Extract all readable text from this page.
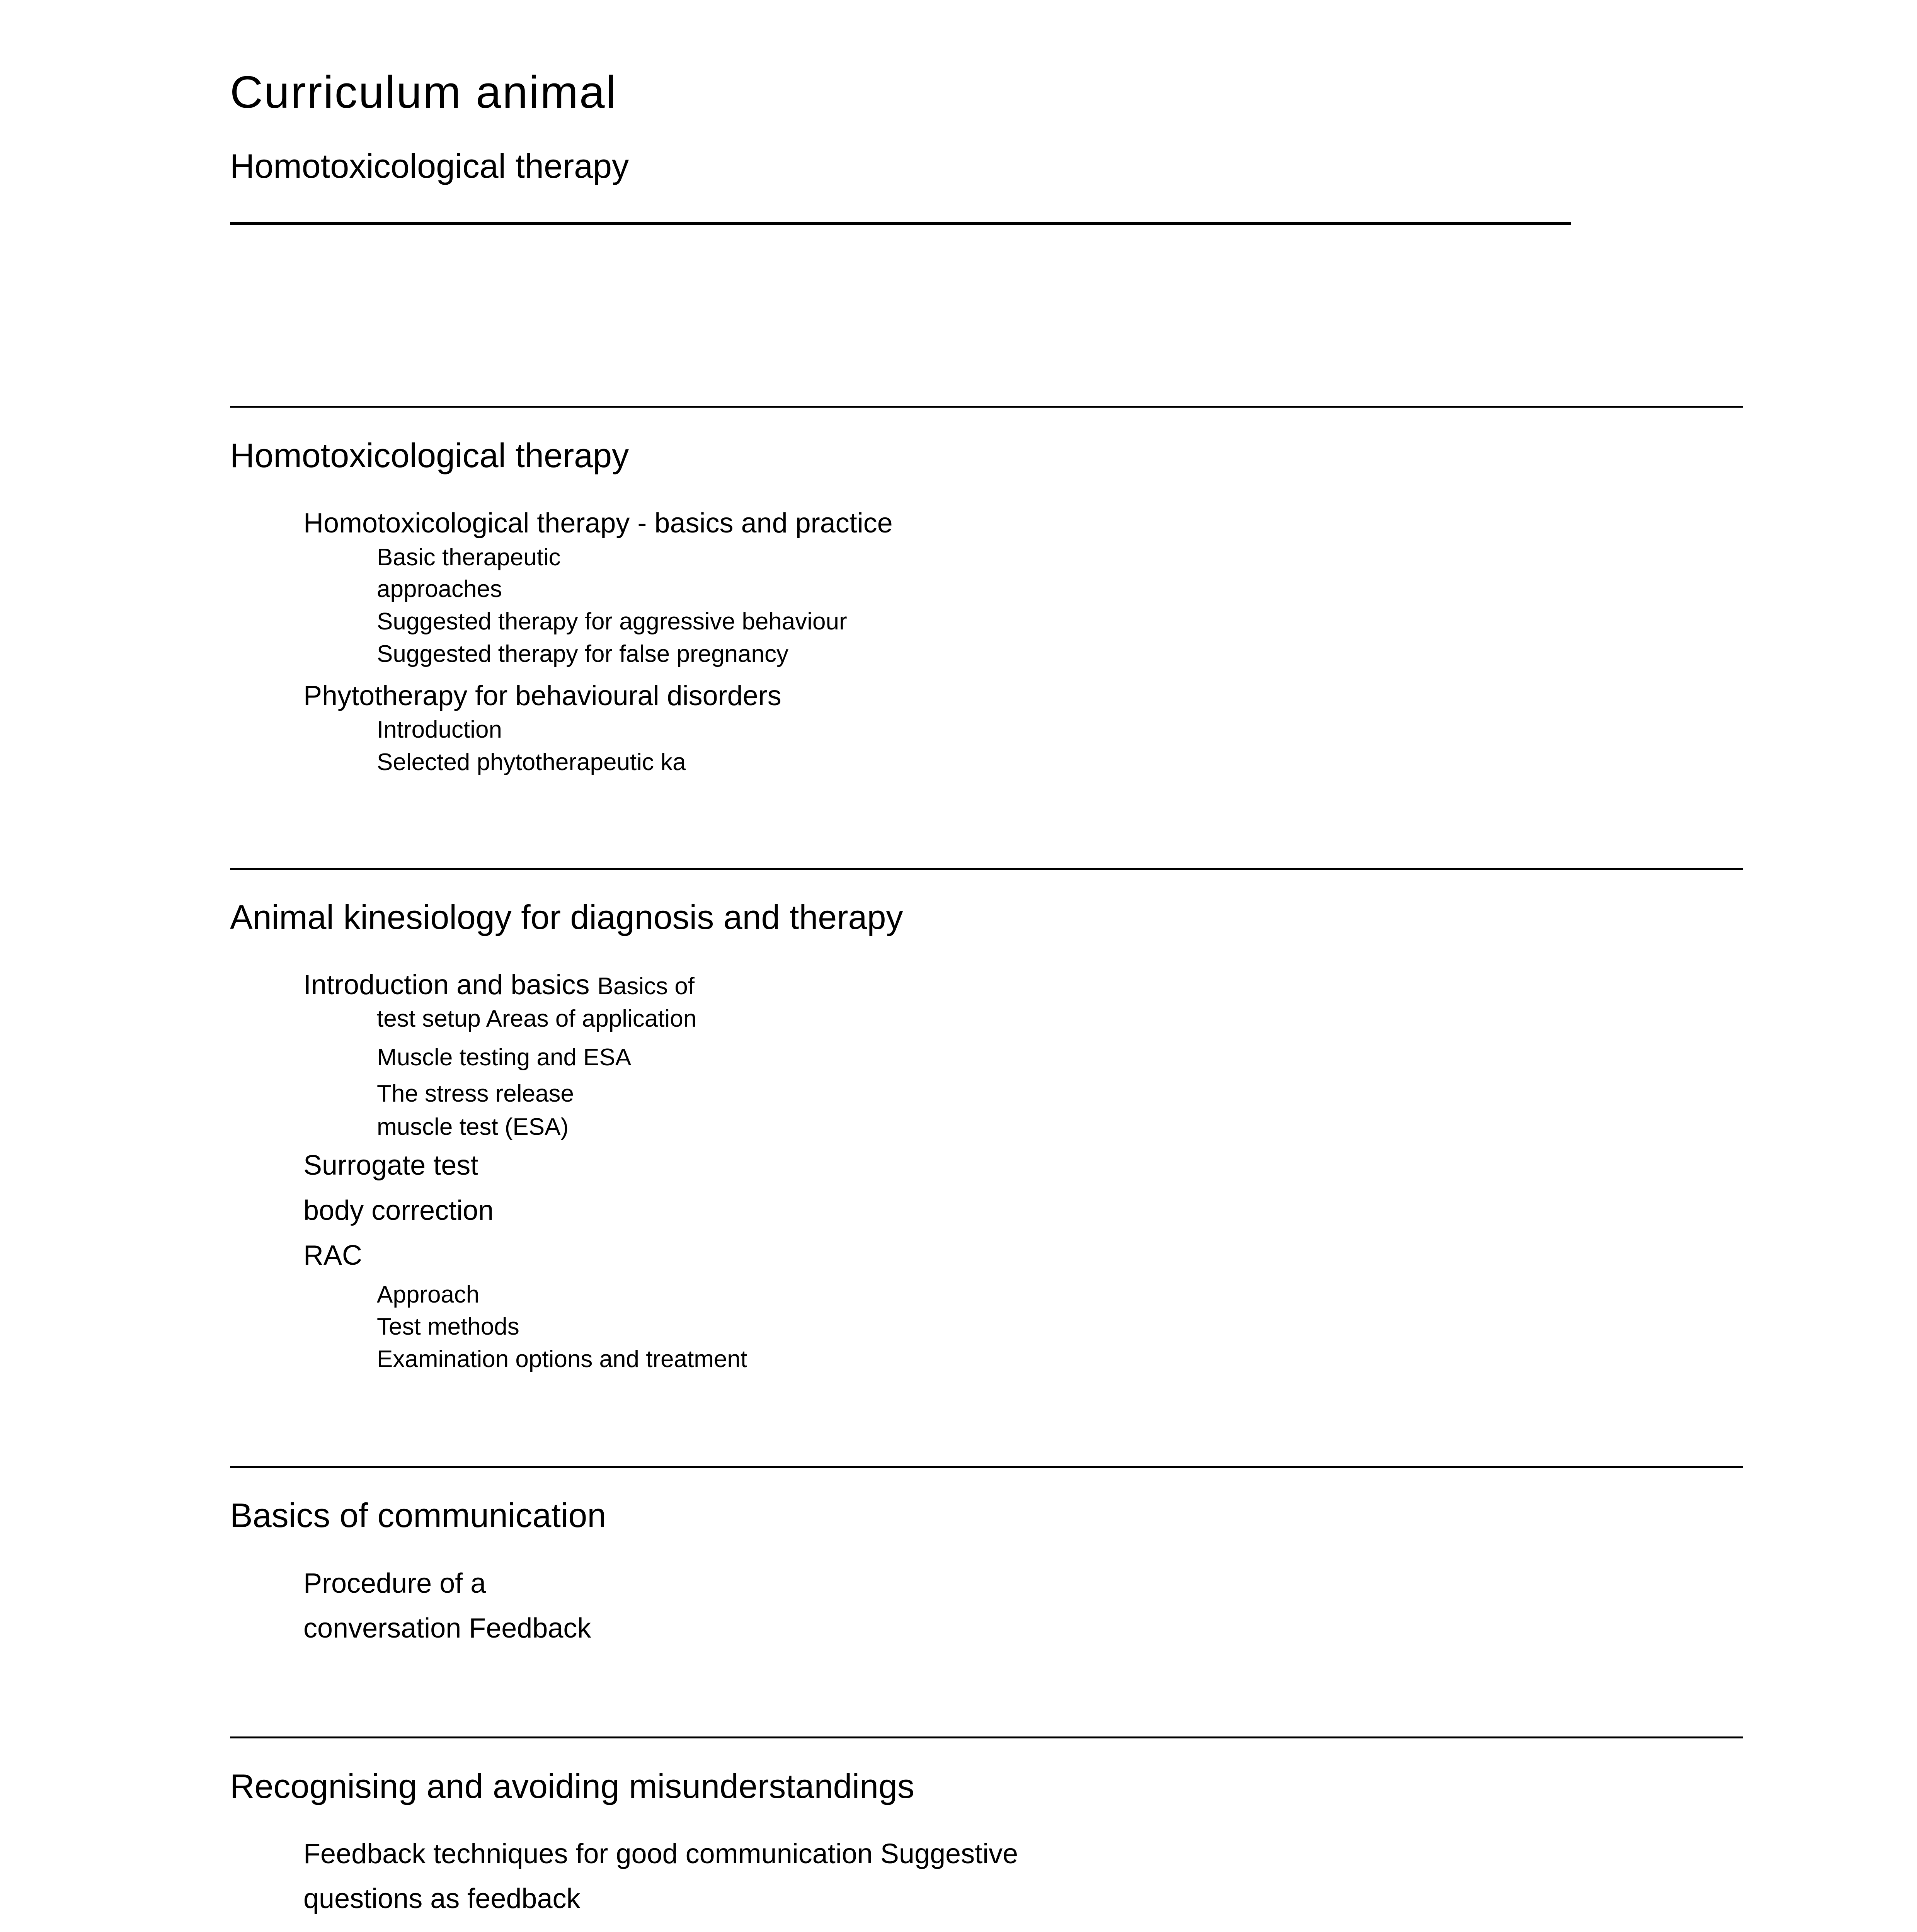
Curriculum animal
Homotoxicological therapy
Homotoxicological therapy
Homotoxicological therapy - basics and practice
Basic therapeutic
approaches
Suggested therapy for aggressive behaviour
Suggested therapy for false pregnancy
Phytotherapy for behavioural disorders
Introduction
Selected phytotherapeutic ka
Animal kinesiology for diagnosis and therapy
Introduction and basics Basics of
test setup Areas of application
Muscle testing and ESA
The stress release
muscle test (ESA)
Surrogate test
body correction
RAC
Approach
Test methods
Examination options and treatment
Basics of communication
Procedure of a
conversation Feedback
Recognising and avoiding misunderstandings
Feedback techniques for good communication Suggestive
questions as feedback
